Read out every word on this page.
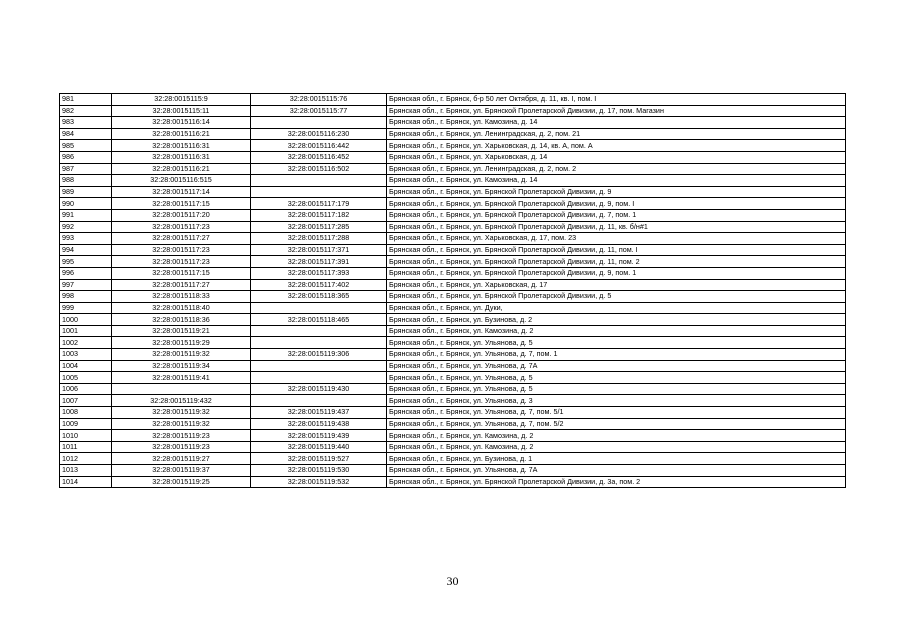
981	32:28:0015115:9	32:28:0015115:76	Брянская обл., г. Брянск, б-р 50 лет Октября, д. 11, кв. I, пом. I
982	32:28:0015115:11	32:28:0015115:77	Брянская обл., г. Брянск, ул. Брянской Пролетарской Дивизии, д. 17, пом. Магазин
983	32:28:0015116:14		Брянская обл., г. Брянск, ул. Камозина, д. 14
984	32:28:0015116:21	32:28:0015116:230	Брянская обл., г. Брянск, ул. Ленинградская, д. 2, пом. 21
985	32:28:0015116:31	32:28:0015116:442	Брянская обл., г. Брянск, ул. Харьковская, д. 14, кв. А, пом. А
986	32:28:0015116:31	32:28:0015116:452	Брянская обл., г. Брянск, ул. Харьковская, д. 14
987	32:28:0015116:21	32:28:0015116:502	Брянская обл., г. Брянск, ул. Ленинградская, д. 2, пом. 2
988	32:28:0015116:515		Брянская обл., г. Брянск, ул. Камозина, д. 14
989	32:28:0015117:14		Брянская обл., г. Брянск, ул. Брянской Пролетарской Дивизии, д. 9
990	32:28:0015117:15	32:28:0015117:179	Брянская обл., г. Брянск, ул. Брянской Пролетарской Дивизии, д. 9, пом. I
991	32:28:0015117:20	32:28:0015117:182	Брянская обл., г. Брянск, ул. Брянской Пролетарской Дивизии, д. 7, пом. 1
992	32:28:0015117:23	32:28:0015117:285	Брянская обл., г. Брянск, ул. Брянской Пролетарской Дивизии, д. 11, кв. б/н#1
993	32:28:0015117:27	32:28:0015117:288	Брянская обл., г. Брянск, ул. Харьковская, д. 17, пом. 23
994	32:28:0015117:23	32:28:0015117:371	Брянская обл., г. Брянск, ул. Брянской Пролетарской Дивизии, д. 11, пом. I
995	32:28:0015117:23	32:28:0015117:391	Брянская обл., г. Брянск, ул. Брянской Пролетарской Дивизии, д. 11, пом. 2
996	32:28:0015117:15	32:28:0015117:393	Брянская обл., г. Брянск, ул. Брянской Пролетарской Дивизии, д. 9, пом. 1
997	32:28:0015117:27	32:28:0015117:402	Брянская обл., г. Брянск, ул. Харьковская, д. 17
998	32:28:0015118:33	32:28:0015118:365	Брянская обл., г. Брянск, ул. Брянской Пролетарской Дивизии, д. 5
999	32:28:0015118:40		Брянская обл., г. Брянск, ул. Дуки,
1000	32:28:0015118:36	32:28:0015118:465	Брянская обл., г. Брянск, ул. Бузинова, д. 2
1001	32:28:0015119:21		Брянская обл., г. Брянск, ул. Камозина, д. 2
1002	32:28:0015119:29		Брянская обл., г. Брянск, ул. Ульянова, д. 5
1003	32:28:0015119:32	32:28:0015119:306	Брянская обл., г. Брянск, ул. Ульянова, д. 7, пом. 1
1004	32:28:0015119:34		Брянская обл., г. Брянск, ул. Ульянова, д. 7А
1005	32:28:0015119:41		Брянская обл., г. Брянск, ул. Ульянова, д. 5
1006		32:28:0015119:430	Брянская обл., г. Брянск, ул. Ульянова, д. 5
1007	32:28:0015119:432		Брянская обл., г. Брянск, ул. Ульянова, д. 3
1008	32:28:0015119:32	32:28:0015119:437	Брянская обл., г. Брянск, ул. Ульянова, д. 7, пом. 5/1
1009	32:28:0015119:32	32:28:0015119:438	Брянская обл., г. Брянск, ул. Ульянова, д. 7, пом. 5/2
1010	32:28:0015119:23	32:28:0015119:439	Брянская обл., г. Брянск, ул. Камозина, д. 2
1011	32:28:0015119:23	32:28:0015119:440	Брянская обл., г. Брянск, ул. Камозина, д. 2
1012	32:28:0015119:27	32:28:0015119:527	Брянская обл., г. Брянск, ул. Бузинова, д. 1
1013	32:28:0015119:37	32:28:0015119:530	Брянская обл., г. Брянск, ул. Ульянова, д. 7А
1014	32:28:0015119:25	32:28:0015119:532	Брянская обл., г. Брянск, ул. Брянской Пролетарской Дивизии, д. 3а, пом. 2
30
